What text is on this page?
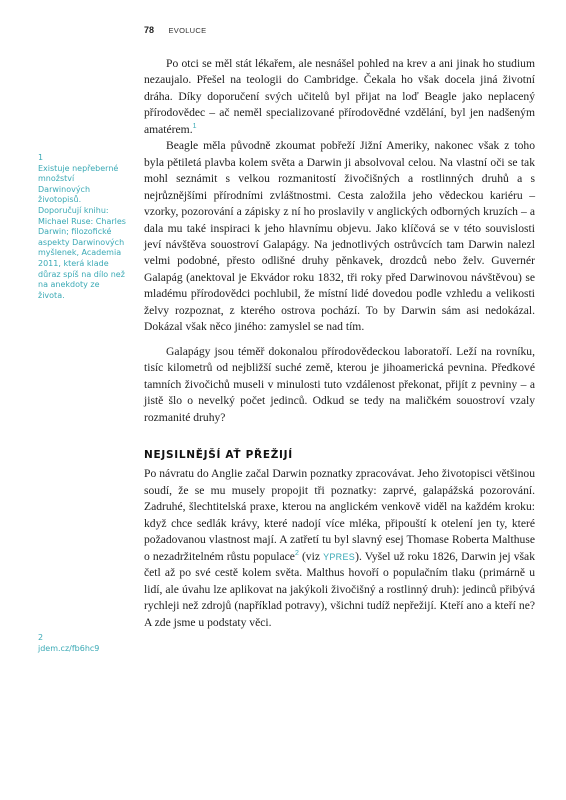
78 EVOLUCE

Po otci se měl stát lékařem, ale nesnášel pohled na krev a ani jinak ho studium nezaujalo. Přešel na teologii do Cambridge. Čekala ho však docela jiná životní dráha. Díky doporučení svých učitelů byl přijat na loď Beagle jako neplacený přírodovědec – ač neměl specializované přírodovědné vzdělání, byl jen nadšeným amatérem.$^1$

Beagle měla původně zkoumat pobřeží Jižní Ameriky, nakonec však z toho byla pětiletá plavba kolem světa a Darwin ji absolvoval celou. Na vlastní oči se tak mohl seznámit s velkou rozmanitostí živočišných a rostlinných druhů a s nejrůznějšími přírodními zvláštnostmi. Cesta založila jeho vědeckou kariéru – vzorky, pozorování a zápisky z ní ho proslavily v anglických odborných kruzích – a dala mu také inspiraci k jeho hlavnímu objevu. Jako klíčová se v této souvislosti jeví návštěva souostroví Galapágy. Na jednotlivých ostrůvcích tam Darwin nalezl velmi podobné, přesto odlišné druhy pěnkavek, drozdců nebo želv. Guvernér Galapág (anektoval je Ekvádor roku 1832, tři roky před Darwinovou návštěvou) se mladému přírodovědci pochlubil, že místní lidé dovedou podle vzhledu a velikosti želvy rozpoznat, z kterého ostrova pochází. To by Darwin sám asi nedokázal. Dokázal však něco jiného: zamyslel se nad tím.

Galapágy jsou téměř dokonalou přírodovědeckou laboratoří. Leží na rovníku, tisíc kilometrů od nejbližší suché země, kterou je jihoamerická pevnina. Předkové tamních živočichů museli v minulosti tuto vzdálenost překonat, přijít z pevniny – a jistě šlo o nevelký počet jedinců. Odkud se tedy na maličkém souostroví vzaly rozmanité druhy?

NEJSILNĚJŠÍ AŤ PŘEŽIJÍ

Po návratu do Anglie začal Darwin poznatky zpracovávat. Jeho životopisci většinou soudí, že se mu musely propojit tři poznatky: zaprvé, galapážská pozorování. Zadruhé, šlechtitelská praxe, kterou na anglickém venkově viděl na každém kroku: když chce sedlák krávy, které nadojí více mléka, připouští k otelení jen ty, které požadovanou vlastnost mají. A zatřetí tu byl slavný esej Thomase Roberta Malthuse o nezadržitelném růstu populace$^2$ (viz YPRES). Vyšel už roku 1826, Darwin jej však četl až po své cestě kolem světa. Malthus hovoří o populačním tlaku (primárně u lidí, ale úvahu lze aplikovat na jakýkoli živočišný a rostlinný druh): jedinců přibývá rychleji než zdrojů (například potravy), všichni tudíž nepřežijí. Kteří ano a kteří ne? A zde jsme u podstaty věci.

1
Existuje nepřeberné množství Darwinových životopisů. Doporučují knihu: Michael Ruse: Charles Darwin; filozofické aspekty Darwinových myšlenek, Academia 2011, která klade důraz spíš na dílo než na anekdoty ze života.
2
jdem.cz/fb6hc9
